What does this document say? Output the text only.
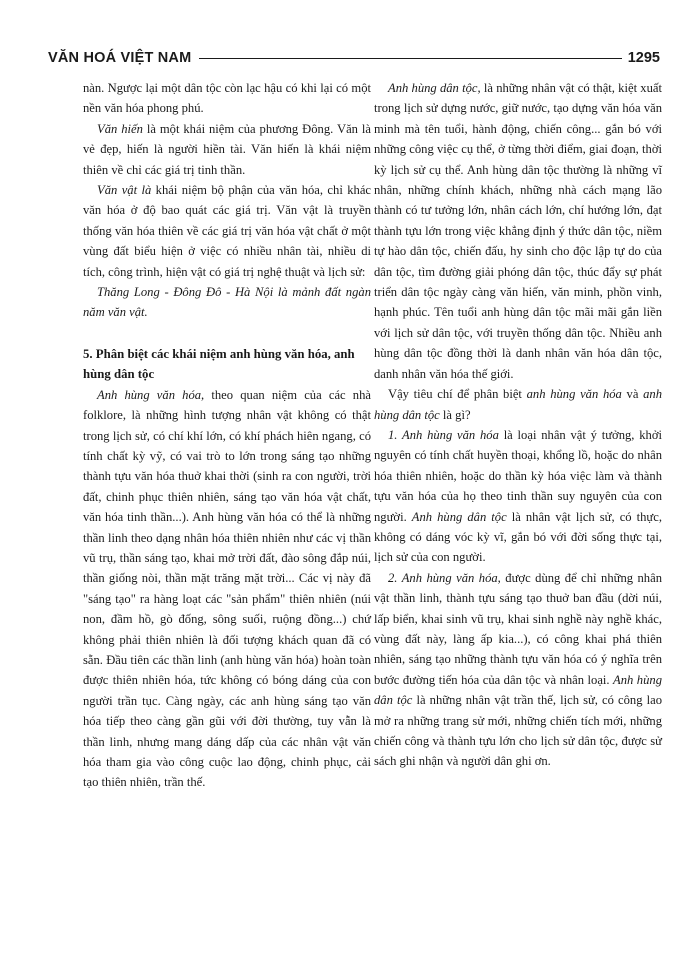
VĂN HOÁ VIỆT NAM	1295

nàn. Ngược lại một dân tộc còn lạc hậu có khi lại có một nền văn hóa phong phú.

Văn hiến là một khái niệm của phương Đông. Văn là vẻ đẹp, hiến là người hiền tài. Văn hiến là khái niệm thiên về chỉ các giá trị tinh thần.

Văn vật là khái niệm bộ phận của văn hóa, chỉ khác văn hóa ở độ bao quát các giá trị. Văn vật là truyền thống văn hóa thiên về các giá trị văn hóa vật chất ở một vùng đất biểu hiện ở việc có nhiều nhân tài, nhiều di tích, công trình, hiện vật có giá trị nghệ thuật và lịch sử:

Thăng Long - Đông Đô - Hà Nội là mảnh đất ngàn năm văn vật.

5. Phân biệt các khái niệm anh hùng văn hóa, anh hùng dân tộc

Anh hùng văn hóa, theo quan niệm của các nhà folklore, là những hình tượng nhân vật không có thật trong lịch sử, có chí khí lớn, có khí phách hiên ngang, có tính chất kỳ vỹ, có vai trò to lớn trong sáng tạo những thành tựu văn hóa thuở khai thời (sinh ra con người, trời đất, chinh phục thiên nhiên, sáng tạo văn hóa vật chất, văn hóa tinh thần...). Anh hùng văn hóa có thể là những thần linh theo dạng nhân hóa thiên nhiên như các vị thần vũ trụ, thần sáng tạo, khai mở trời đất, đào sông đắp núi, thần giống nòi, thần mặt trăng mặt trời... Các vị này đã "sáng tạo" ra hàng loạt các "sản phẩm" thiên nhiên (núi non, đầm hồ, gò đống, sông suối, ruộng đồng...) chứ không phải thiên nhiên là đối tượng khách quan đã có sẵn. Đầu tiên các thần linh (anh hùng văn hóa) hoàn toàn được thiên nhiên hóa, tức không có bóng dáng của con người trần tục. Càng ngày, các anh hùng sáng tạo văn hóa tiếp theo càng gần gũi với đời thường, tuy vẫn là thần linh, nhưng mang dáng dấp của các nhân vật văn hóa tham gia vào công cuộc lao động, chinh phục, cải tạo thiên nhiên, trần thế.

Anh hùng dân tộc, là những nhân vật có thật, kiệt xuất trong lịch sử dựng nước, giữ nước, tạo dựng văn hóa văn minh mà tên tuổi, hành động, chiến công... gắn bó với những công việc cụ thể, ở từng thời điểm, giai đoạn, thời kỳ lịch sử cụ thể. Anh hùng dân tộc thường là những vĩ nhân, những chính khách, những nhà cách mạng lão thành có tư tưởng lớn, nhân cách lớn, chí hướng lớn, đạt thành tựu lớn trong việc khẳng định ý thức dân tộc, niềm tự hào dân tộc, chiến đấu, hy sinh cho độc lập tự do của dân tộc, tìm đường giải phóng dân tộc, thúc đẩy sự phát triển dân tộc ngày càng văn hiến, văn minh, phồn vinh, hạnh phúc. Tên tuổi anh hùng dân tộc mãi mãi gắn liền với lịch sử dân tộc, với truyền thống dân tộc. Nhiều anh hùng dân tộc đồng thời là danh nhân văn hóa dân tộc, danh nhân văn hóa thế giới.

Vậy tiêu chí để phân biệt anh hùng văn hóa và anh hùng dân tộc là gì?

1. Anh hùng văn hóa là loại nhân vật ý tưởng, khởi nguyên có tính chất huyền thoại, khổng lồ, hoặc do nhân hóa thiên nhiên, hoặc do thần kỳ hóa việc làm và thành tựu văn hóa của họ theo tinh thần suy nguyên của con người. Anh hùng dân tộc là nhân vật lịch sử, có thực, không có dáng vóc kỳ vĩ, gắn bó với đời sống thực tại, lịch sử của con người.

2. Anh hùng văn hóa, được dùng để chỉ những nhân vật thần linh, thành tựu sáng tạo thuở ban đầu (dời núi, lấp biển, khai sinh vũ trụ, khai sinh nghề này nghề khác, vùng đất này, làng ấp kia...), có công khai phá thiên nhiên, sáng tạo những thành tựu văn hóa có ý nghĩa trên bước đường tiến hóa của dân tộc và nhân loại. Anh hùng dân tộc là những nhân vật trần thế, lịch sử, có công lao mở ra những trang sử mới, những chiến tích mới, những chiến công và thành tựu lớn cho lịch sử dân tộc, được sử sách ghi nhận và người dân ghi ơn.
